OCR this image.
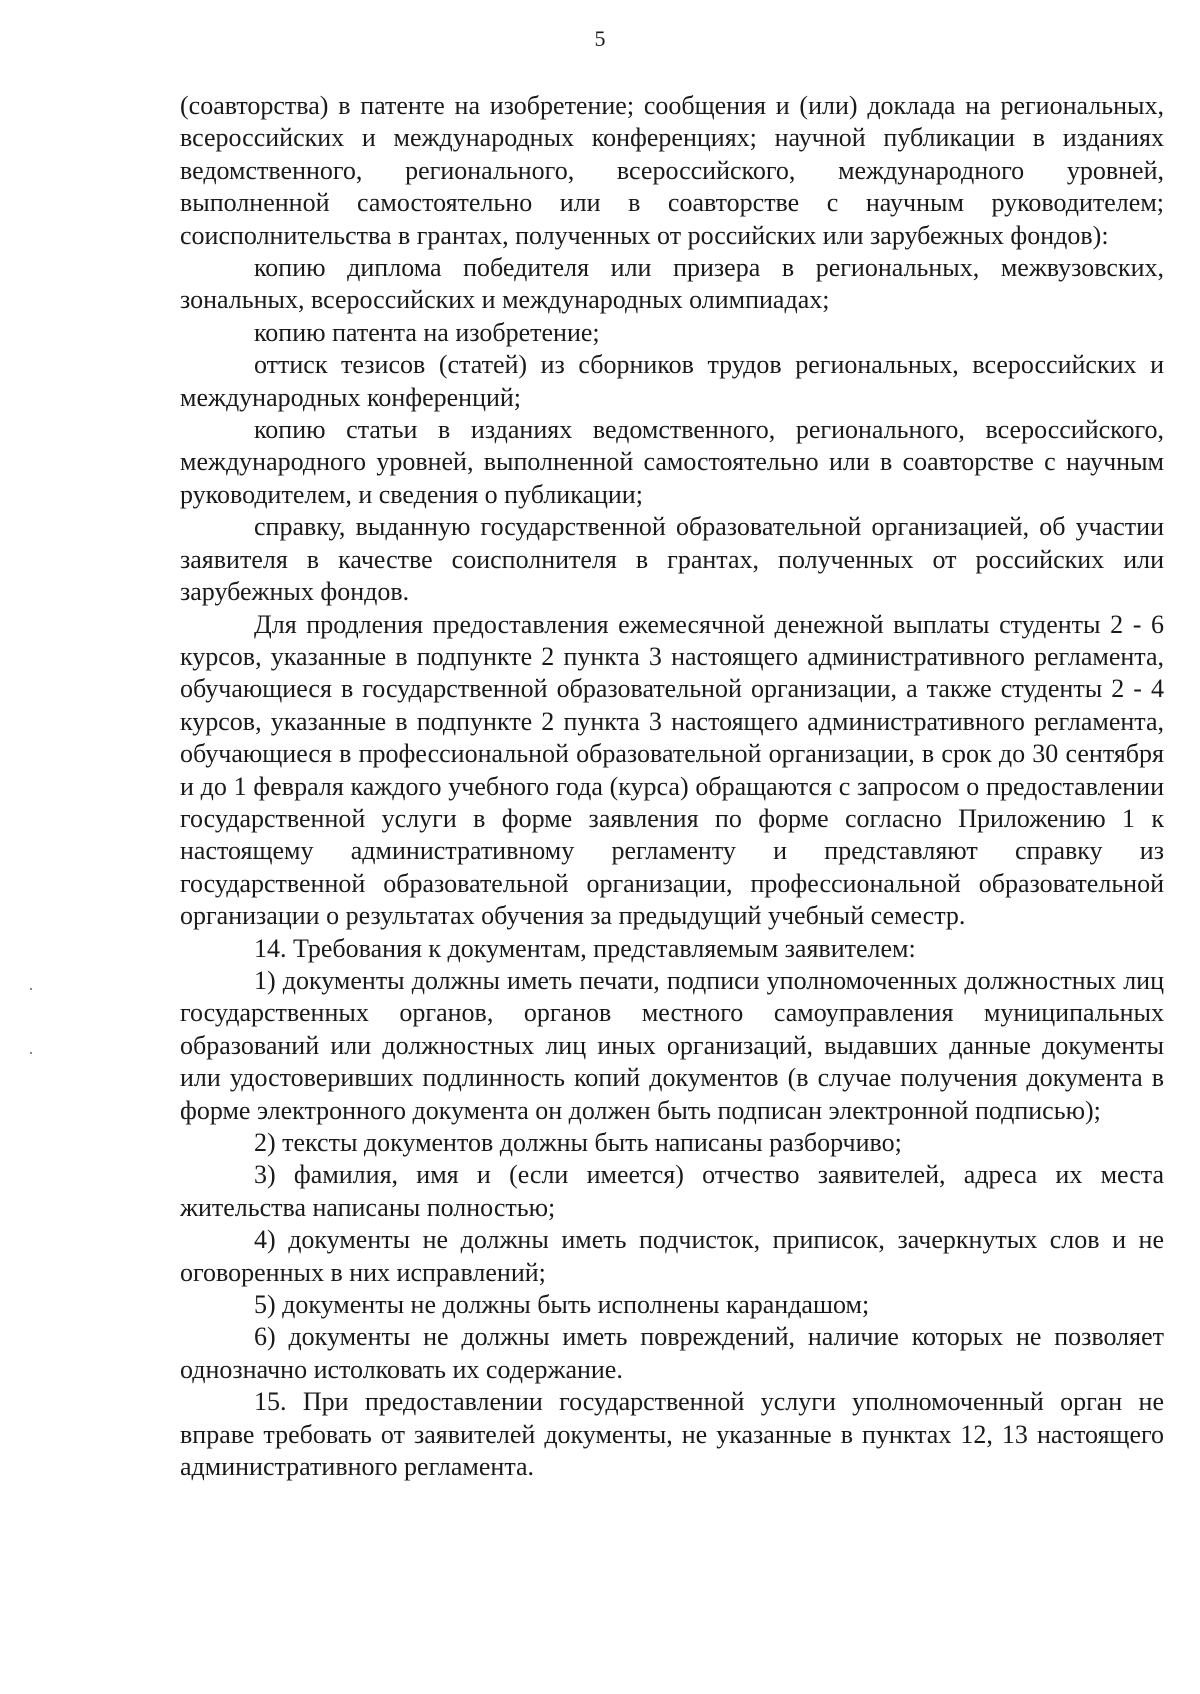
5

(соавторства) в патенте на изобретение; сообщения и (или) доклада на региональных, всероссийских и международных конференциях; научной публикации в изданиях ведомственного, регионального, всероссийского, международного уровней, выполненной самостоятельно или в соавторстве с научным руководителем; соисполнительства в грантах, полученных от российских или зарубежных фондов):

копию диплома победителя или призера в региональных, межвузовских, зональных, всероссийских и международных олимпиадах;

копию патента на изобретение;

оттиск тезисов (статей) из сборников трудов региональных, всероссийских и международных конференций;

копию статьи в изданиях ведомственного, регионального, всероссийского, международного уровней, выполненной самостоятельно или в соавторстве с научным руководителем, и сведения о публикации;

справку, выданную государственной образовательной организацией, об участии заявителя в качестве соисполнителя в грантах, полученных от российских или зарубежных фондов.

Для продления предоставления ежемесячной денежной выплаты студенты 2 - 6 курсов, указанные в подпункте 2 пункта 3 настоящего административного регламента, обучающиеся в государственной образовательной организации, а также студенты 2 - 4 курсов, указанные в подпункте 2 пункта 3 настоящего административного регламента, обучающиеся в профессиональной образовательной организации, в срок до 30 сентября и до 1 февраля каждого учебного года (курса) обращаются с запросом о предоставлении государственной услуги в форме заявления по форме согласно Приложению 1 к настоящему административному регламенту и представляют справку из государственной образовательной организации, профессиональной образовательной организации о результатах обучения за предыдущий учебный семестр.

14. Требования к документам, представляемым заявителем:

1) документы должны иметь печати, подписи уполномоченных должностных лиц государственных органов, органов местного самоуправления муниципальных образований или должностных лиц иных организаций, выдавших данные документы или удостоверивших подлинность копий документов (в случае получения документа в форме электронного документа он должен быть подписан электронной подписью);

2) тексты документов должны быть написаны разборчиво;

3) фамилия, имя и (если имеется) отчество заявителей, адреса их места жительства написаны полностью;

4) документы не должны иметь подчисток, приписок, зачеркнутых слов и не оговоренных в них исправлений;

5) документы не должны быть исполнены карандашом;

6) документы не должны иметь повреждений, наличие которых не позволяет однозначно истолковать их содержание.

15. При предоставлении государственной услуги уполномоченный орган не вправе требовать от заявителей документы, не указанные в пунктах 12, 13 настоящего административного регламента.
